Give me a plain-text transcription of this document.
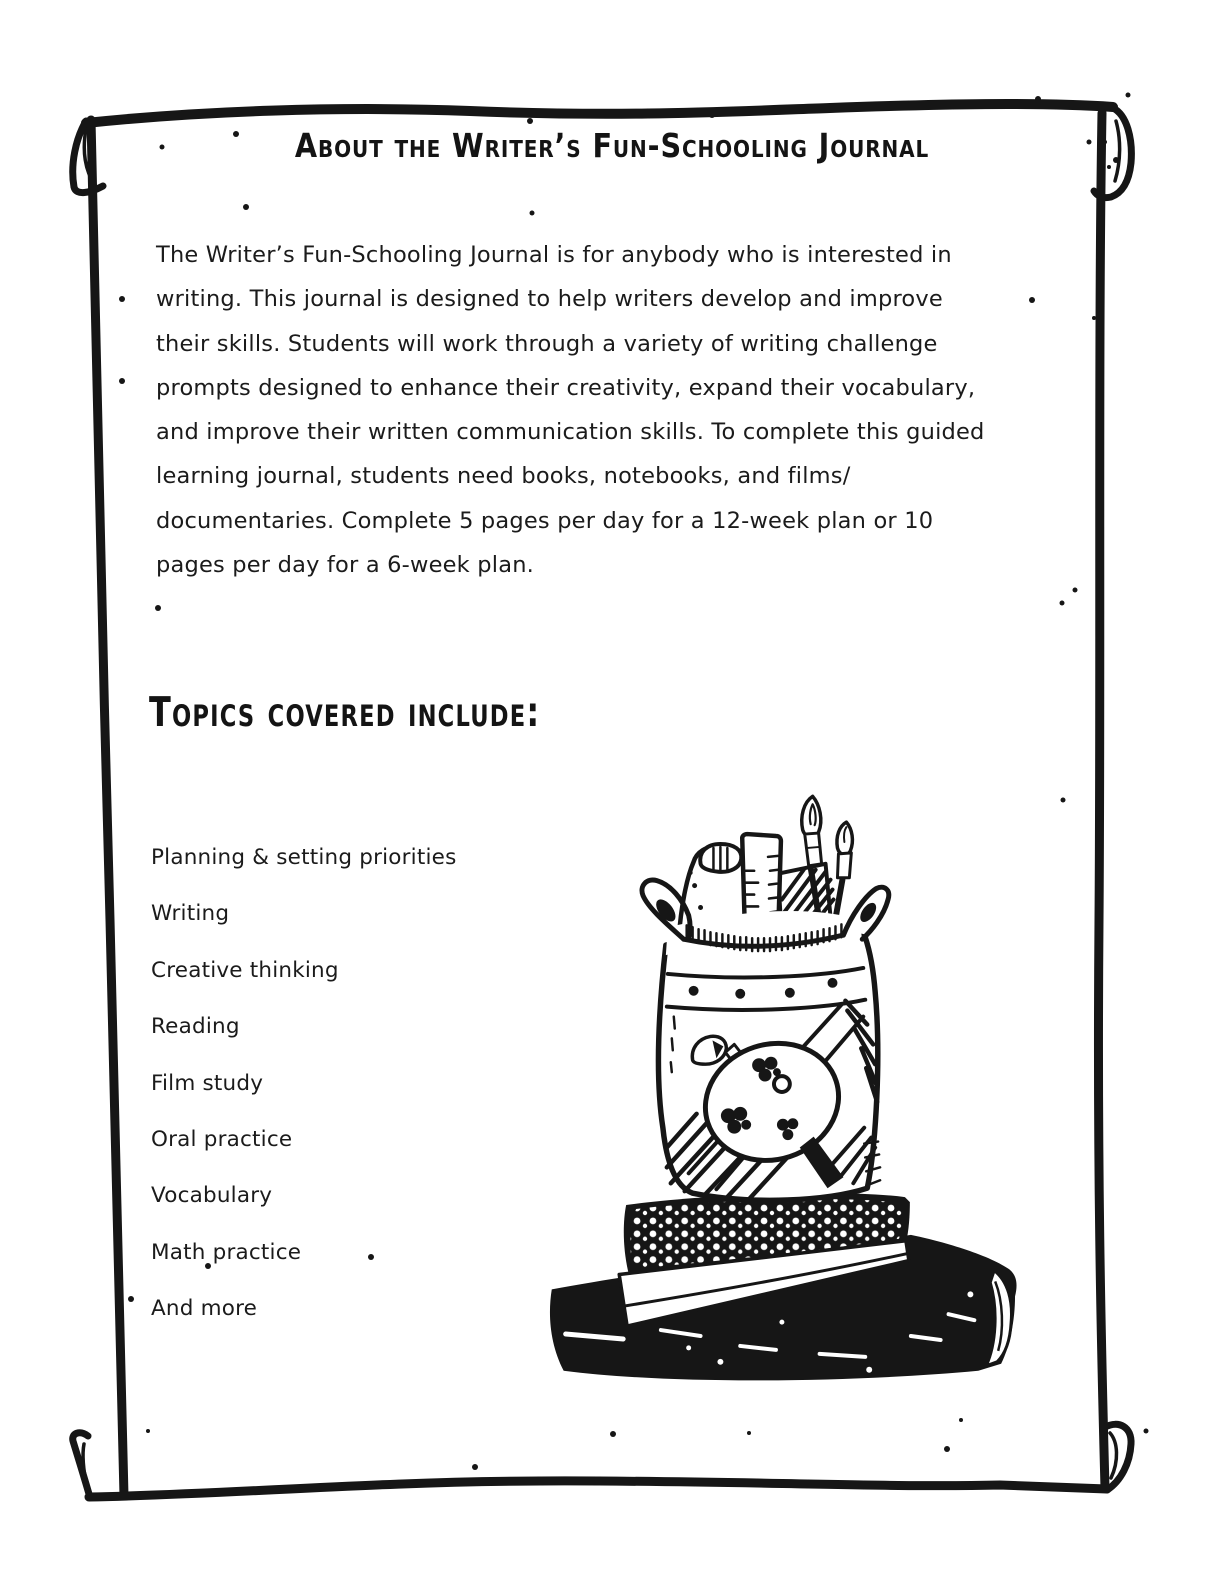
About the Writer’s Fun-Schooling Journal
The Writer’s Fun-Schooling Journal is for anybody who is interested in
writing. This journal is designed to help writers develop and improve
their skills. Students will work through a variety of writing challenge
prompts designed to enhance their creativity, expand their vocabulary,
and improve their written communication skills. To complete this guided
learning journal, students need books, notebooks, and films/
documentaries. Complete 5 pages per day for a 12-week plan or 10
pages per day for a 6-week plan.
Topics covered include:
Planning & setting priorities
Writing
Creative thinking
Reading
Film study
Oral practice
Vocabulary
Math practice
And more
